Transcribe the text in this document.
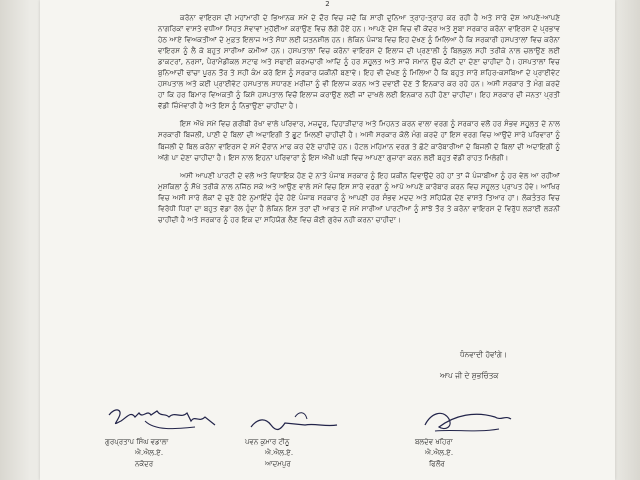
2

ਕਰੋਨਾ ਵਾਇਰਸ ਦੀ ਮਹਾਂਮਾਰੀ ਦੇ ਭਿਆਨਕ ਸਮੇਂ ਦੇ ਦੌਰ ਵਿਚ ਜਦੋਂ ਕਿ ਸਾਰੀ ਦੁਨਿਆ ਤ੍ਰਾਹ-ਤ੍ਰਾਹ ਕਰ ਰਹੀ ਹੈ ਅਤੇ ਸਾਰੇ ਦੇਸ਼ ਆਪਣੇ-ਆਪਣੇ ਨਾਗਰਿਕਾਂ ਵਾਸਤੇ ਵਧੀਆ ਸਿਹਤ ਸੇਵਾਵਾਂ ਮੁਹੱਈਆ ਕਰਾਉਣ ਵਿਚ ਲੱਗੇ ਹੋਏ ਹਨ। ਆਪਣੇ ਦੇਸ਼ ਵਿਚ ਵੀ ਕੇਂਦਰ ਅਤੇ ਸੂਬਾ ਸਰਕਾਰ ਕਰੋਨਾ ਵਾਇਰਸ ਦੇ ਪ੍ਰਭਾਵ ਹੇਠ ਆਏ ਵਿਅਕਤੀਆਂ ਦੇ ਮੁਫ਼ਤ ਇਲਾਜ ਅਤੇ ਸੋਧਾ ਲਈ ਯਤਨਸ਼ੀਲ ਹਨ। ਲੇਕਿਨ ਪੰਜਾਬ ਵਿਚ ਇਹ ਦੇਖਣ ਨੂੰ ਮਿਲਿਆ ਹੈ ਕਿ ਸਰਕਾਰੀ ਹਸਪਤਾਲਾਂ ਵਿਚ ਕਰੋਨਾ ਵਾਇਰਸ ਨੂੰ ਲੈ ਕੇ ਬਹੁਤ ਸਾਰੀਆਂ ਕਮੀਆਂ ਹਨ। ਹਸਪਤਾਲਾਂ ਵਿਚ ਕਰੋਨਾ ਵਾਇਰਸ ਦੇ ਇਲਾਜ ਦੀ ਪ੍ਰਣਾਲੀ ਨੂੰ ਬਿਲਕੁਲ ਸਹੀ ਤਰੀਕੇ ਨਾਲ ਚਲਾਉਣ ਲਈ ਡਾਕਟਰਾਂ, ਨਰਸਾਂ, ਪੈਰਾਮੈਡੀਕਲ ਸਟਾਫ ਅਤੇ ਸਫਾਈ ਕਰਮਚਾਰੀ ਆਦਿ ਨੂੰ ਹਰ ਸਹੂਲਤ ਅਤੇ ਸਾਜ਼ੋ ਸਮਾਨ ਉਚ ਕੋਟੀ ਦਾ ਦੇਣਾ ਚਾਹੀਦਾ ਹੈ। ਹਸਪਤਾਲਾਂ ਵਿਚ ਬੁਨਿਆਦੀ ਢਾਂਚਾ ਪੂਰਨ ਤੌਰ ਤੇ ਸਹੀ ਕੰਮ ਕਰੇ ਇਸ ਨੂੰ ਸਰਕਾਰ ਯਕੀਨੀ ਬਣਾਵੇ। ਇਹ ਵੀ ਦੇਖਣ ਨੂੰ ਮਿਲਿਆ ਹੈ ਕਿ ਬਹੁਤ ਸਾਰੇ ਸ਼ਹਿਰ-ਕਸਬਿਆਂ ਦੇ ਪ੍ਰਾਈਵੇਟ ਹਸਪਤਾਲ ਅਤੇ ਕਈ ਪ੍ਰਾਈਵੇਟ ਹਸਪਤਾਲ ਸਧਾਰਣ ਮਰੀਜ਼ਾਂ ਨੂੰ ਵੀ ਇਲਾਜ ਕਰਨ ਅਤੇ ਦਵਾਈ ਦੇਣ ਤੋਂ ਇਨਕਾਰ ਕਰ ਰਹੇ ਹਨ। ਅਸੀ ਸਰਕਾਰ ਤੋਂ ਮੰਗ ਕਰਦੇ ਹਾਂ ਕਿ ਹਰ ਬਿਮਾਰ ਵਿਅਕਤੀ ਨੂੰ ਕਿਸੇ ਹਸਪਤਾਲ ਵਿਚੋਂ ਇਲਾਜ ਕਰਾਉਣ ਲਈ ਜਾਂ ਦਾਖਲੇ ਲਈ ਇਨਕਾਰ ਨਹੀਂ ਹੋਣਾ ਚਾਹੀਦਾ। ਇਹ ਸਰਕਾਰ ਦੀ ਜਨਤਾ ਪ੍ਰਤੀ ਵੱਡੀ ਜ਼ਿੰਮੇਵਾਰੀ ਹੈ ਅਤੇ ਇਸ ਨੂੰ ਨਿਭਾਉਣਾ ਚਾਹੀਦਾ ਹੈ।

ਇਸ ਔਖੇ ਸਮੇਂ ਵਿਚ ਗਰੀਬੀ ਰੇਖਾ ਵਾਲੇ ਪਰਿਵਾਰ, ਮਜ਼ਦੂਰ, ਦਿਹਾੜੀਦਾਰ ਅਤੇ ਮਿਹਨਤ ਕਰਨ ਵਾਲਾ ਵਰਗ ਨੂੰ ਸਰਕਾਰ ਵਲੋਂ ਹਰ ਸੰਭਵ ਸਹੂਲਤ ਦੇ ਨਾਲ ਸਰਕਾਰੀ ਬਿਜਲੀ, ਪਾਣੀ ਦੇ ਬਿਲਾਂ ਦੀ ਅਦਾਇਗੀ ਤੋਂ ਛੂਟ ਮਿਲਣੀ ਚਾਹੀਦੀ ਹੈ। ਅਸੀ ਸਰਕਾਰ ਕੋਲੋਂ ਮੰਗ ਕਰਦੇ ਹਾਂ ਇਸ ਵਰਗ ਵਿਚ ਆਉਂਦੇ ਸਾਰੇ ਪਰਿਵਾਰਾਂ ਨੂੰ ਬਿਜਲੀ ਦੇ ਬਿਲ ਕਰੋਨਾ ਵਾਇਰਸ ਦੇ ਸਮੇਂ ਦੌਰਾਨ ਮਾਫ ਕਰ ਦੇਣੇ ਚਾਹੀਦੇ ਹਨ। ਹੋਟਲ ਮਹਿਮਾਨ ਵਰਗ ਤੇ ਛੋਟੇ ਕਾਰੋਬਾਰੀਆਂ ਦੇ ਬਿਜਲੀ ਦੇ ਬਿਲਾਂ ਦੀ ਅਦਾਇਗੀ ਨੂੰ ਅੱਗੇ ਪਾ ਦੇਣਾ ਚਾਹੀਦਾ ਹੈ। ਇਸ ਨਾਲ ਇਹਨਾਂ ਪਰਿਵਾਰਾਂ ਨੂੰ ਇਸ ਔਖੀ ਘੜੀ ਵਿਚ ਆਪਣਾ ਗੁਜ਼ਾਰਾ ਕਰਨ ਲਈ ਬਹੁਤ ਵੱਡੀ ਰਾਹਤ ਮਿਲੇਗੀ।

ਅਸੀ ਆਪਣੀ ਪਾਰਟੀ ਦੇ ਵਲੋਂ ਅਤੇ ਵਿਧਾਇਕ ਹੋਣ ਦੇ ਨਾਤੇ ਪੰਜਾਬ ਸਰਕਾਰ ਨੂੰ ਇਹ ਯਕੀਨ ਦਿਵਾਉਂਦੇ ਰਹੇ ਹਾਂ ਤਾਂ ਜੋ ਪੰਜਾਬੀਆਂ ਨੂੰ ਹਰ ਵੇਲ ਆ ਰਹੀਆਂ ਮੁਸ਼ਕਿਲਾਂ ਨੂੰ ਸੌਖੇ ਤਰੀਕੇ ਨਾਲ ਨਜਿੱਠ ਸਕੇ ਅਤੇ ਆਉਣ ਵਾਲੇ ਸਮੇਂ ਵਿਚ ਇਸ ਸਾਰੇ ਵਰਗਾਂ ਨੂੰ ਆਪੋ ਆਪਣੇ ਕਾਰੋਬਾਰ ਕਰਨ ਵਿਚ ਸਹੂਲਤ ਪ੍ਰਾਪਤ ਹੋਵੇ। ਆਖਿਰ ਵਿਚ ਅਸੀ ਸਾਰੇ ਲੋਕਾਂ ਦੇ ਚੁਣੇ ਹੋਏ ਨੁਮਾਇੰਦੇ ਹੁੰਦੇ ਹੋਏ ਪੰਜਾਬ ਸਰਕਾਰ ਨੂੰ ਆਪਣੀ ਹਰ ਸੰਭਵ ਮਦਦ ਅਤੇ ਸਹਿਯੋਗ ਦੇਣ ਵਾਸਤੇ ਤਿਆਰ ਹਾਂ। ਲੋਕਤੰਤਰ ਵਿਚ ਵਿਰੋਧੀ ਧਿਰਾਂ ਦਾ ਬਹੁਤ ਵੱਡਾ ਰੋਲ ਹੁੰਦਾ ਹੈ ਲੇਕਿਨ ਇਸ ਤਰਾਂ ਦੀ ਆਫਤ ਦੇ ਸਮੇਂ ਸਾਰੀਆਂ ਪਾਰਟੀਆਂ ਨੂੰ ਸਾਂਝੇ ਤੌਰ ਤੇ ਕਰੋਨਾ ਵਾਇਰਸ ਦੇ ਵਿਰੁੱਧ ਲੜਾਈ ਲੜਨੀ ਚਾਹੀਦੀ ਹੈ ਅਤੇ ਸਰਕਾਰ ਨੂੰ ਹਰ ਇਕ ਦਾ ਸਹਿਯੋਗ ਲੈਣ ਵਿਚ ਕੋਈ ਗੁਰੇਜ਼ ਨਹੀਂ ਕਰਨਾ ਚਾਹੀਦਾ।

ਧੰਨਵਾਦੀ ਹੋਵਾਂਗੇ।
ਆਪ ਜੀ ਦੇ ਸ਼ੁਭਚਿੰਤਕ
ਗੁਰਪ੍ਰਤਾਪ ਸਿੰਘ ਵਡਾਲਾ
ਐ.ਐਲ.ਏ.
ਨਕੋਦਰ
ਪਵਨ ਕੁਮਾਰ ਟੀਨੂ
ਐ.ਐਲ.ਏ.
ਆਦਮਪੁਰ
ਬਲਦੇਵ ਖਹਿਰਾ
ਐ.ਐਲ.ਏ.
ਫਿਲੌਰ
